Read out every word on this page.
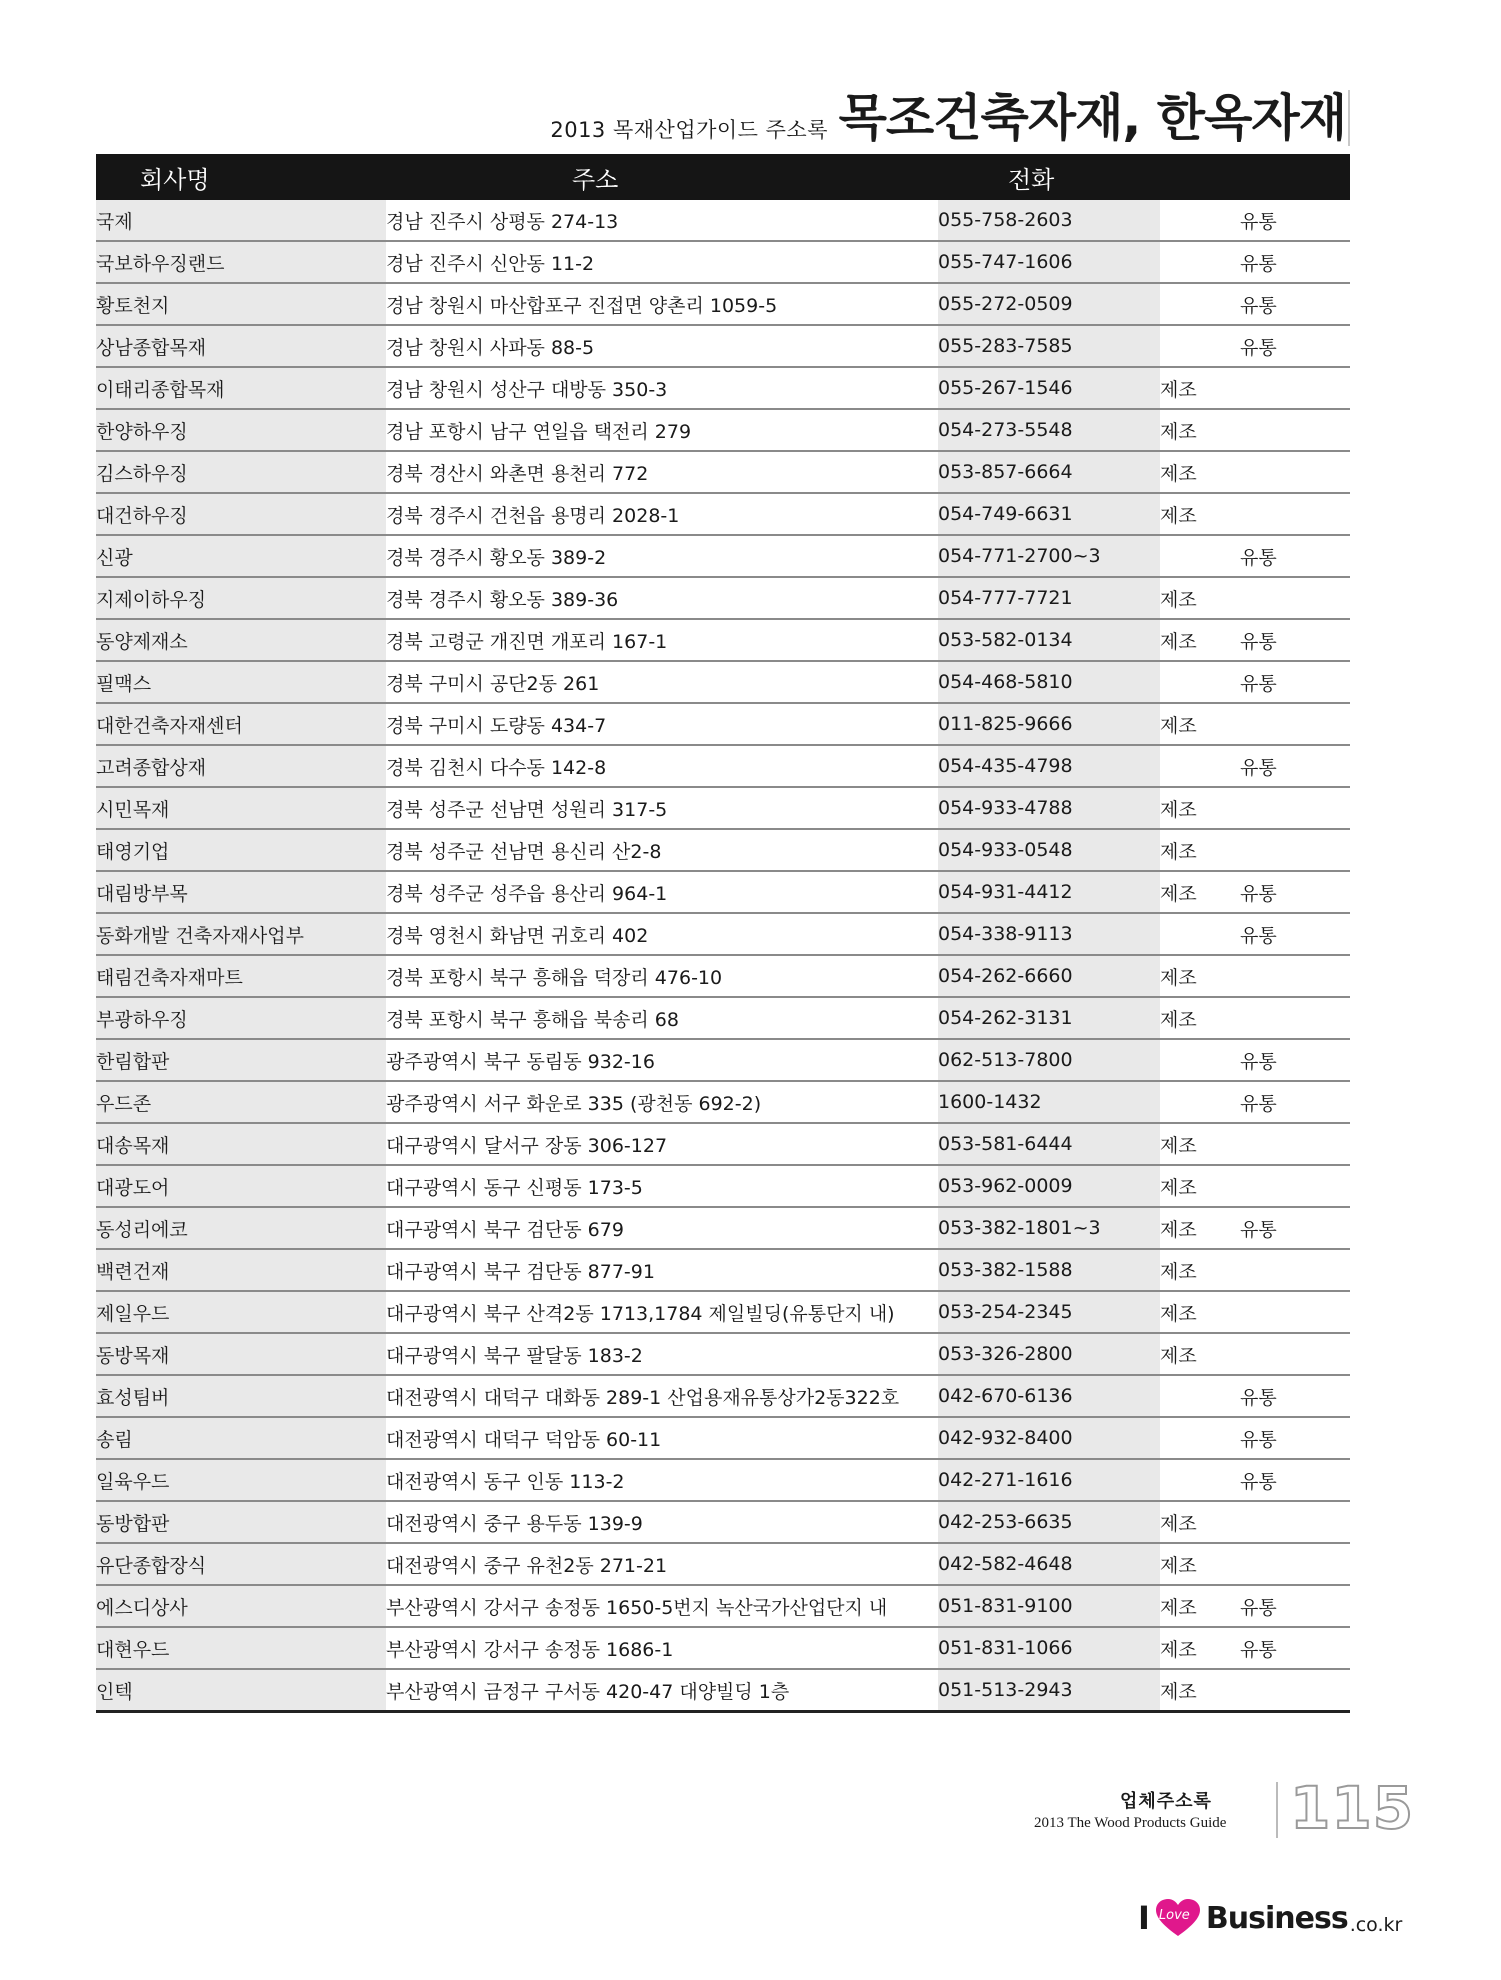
2013 목재산업가이드 주소록 목조건축자재, 한옥자재
회사명	주소	전화		
국제	경남 진주시 상평동 274-13	055-758-2603		유통
국보하우징랜드	경남 진주시 신안동 11-2	055-747-1606		유통
황토천지	경남 창원시 마산합포구 진접면 양촌리 1059-5	055-272-0509		유통
상남종합목재	경남 창원시 사파동 88-5	055-283-7585		유통
이태리종합목재	경남 창원시 성산구 대방동 350-3	055-267-1546	제조	
한양하우징	경남 포항시 남구 연일읍 택전리 279	054-273-5548	제조	
김스하우징	경북 경산시 와촌면 용천리 772	053-857-6664	제조	
대건하우징	경북 경주시 건천읍 용명리 2028-1	054-749-6631	제조	
신광	경북 경주시 황오동 389-2	054-771-2700~3		유통
지제이하우징	경북 경주시 황오동 389-36	054-777-7721	제조	
동양제재소	경북 고령군 개진면 개포리 167-1	053-582-0134	제조	유통
필맥스	경북 구미시 공단2동 261	054-468-5810		유통
대한건축자재센터	경북 구미시 도량동 434-7	011-825-9666	제조	
고려종합상재	경북 김천시 다수동 142-8	054-435-4798		유통
시민목재	경북 성주군 선남면 성원리 317-5	054-933-4788	제조	
태영기업	경북 성주군 선남면 용신리 산2-8	054-933-0548	제조	
대림방부목	경북 성주군 성주읍 용산리 964-1	054-931-4412	제조	유통
동화개발 건축자재사업부	경북 영천시 화남면 귀호리 402	054-338-9113		유통
태림건축자재마트	경북 포항시 북구 흥해읍 덕장리 476-10	054-262-6660	제조	
부광하우징	경북 포항시 북구 흥해읍 북송리 68	054-262-3131	제조	
한림합판	광주광역시 북구 동림동 932-16	062-513-7800		유통
우드존	광주광역시 서구 화운로 335 (광천동 692-2)	1600-1432		유통
대송목재	대구광역시 달서구 장동 306-127	053-581-6444	제조	
대광도어	대구광역시 동구 신평동 173-5	053-962-0009	제조	
동성리에코	대구광역시 북구 검단동 679	053-382-1801~3	제조	유통
백련건재	대구광역시 북구 검단동 877-91	053-382-1588	제조	
제일우드	대구광역시 북구 산격2동 1713,1784 제일빌딩(유통단지 내)	053-254-2345	제조	
동방목재	대구광역시 북구 팔달동 183-2	053-326-2800	제조	
효성팀버	대전광역시 대덕구 대화동 289-1 산업용재유통상가2동322호	042-670-6136		유통
송림	대전광역시 대덕구 덕암동 60-11	042-932-8400		유통
일육우드	대전광역시 동구 인동 113-2	042-271-1616		유통
동방합판	대전광역시 중구 용두동 139-9	042-253-6635	제조	
유단종합장식	대전광역시 중구 유천2동 271-21	042-582-4648	제조	
에스디상사	부산광역시 강서구 송정동 1650-5번지 녹산국가산업단지 내	051-831-9100	제조	유통
대현우드	부산광역시 강서구 송정동 1686-1	051-831-1066	제조	유통
인텍	부산광역시 금정구 구서동 420-47 대양빌딩 1층	051-513-2943	제조	
업체주소록
2013 The Wood Products Guide 115
I Love Business .co.kr
